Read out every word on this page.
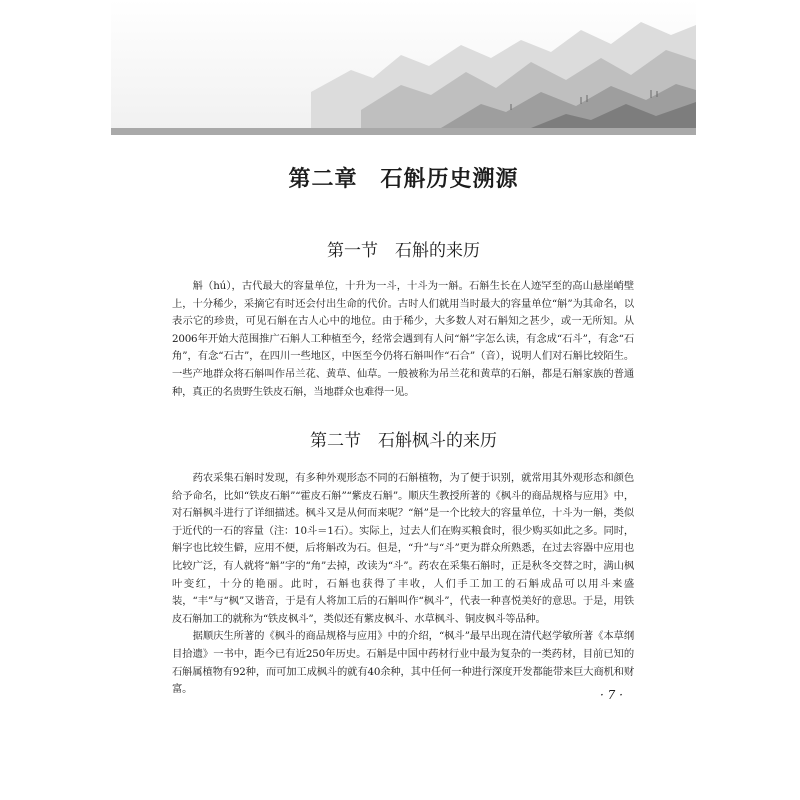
第二章　石斛历史溯源
第一节　石斛的来历

斛（hú），古代最大的容量单位，十升为一斗，十斗为一斛。石斛生长在人迹罕至的高山悬崖峭壁上，十分稀少，采摘它有时还会付出生命的代价。古时人们就用当时最大的容量单位“斛”为其命名，以表示它的珍贵，可见石斛在古人心中的地位。由于稀少，大多数人对石斛知之甚少，或一无所知。从2006年开始大范围推广石斛人工种植至今，经常会遇到有人问“斛”字怎么读，有念成“石斗”，有念“石角”，有念“石古”，在四川一些地区，中医至今仍将石斛叫作“石合”（音），说明人们对石斛比较陌生。一些产地群众将石斛叫作吊兰花、黄草、仙草。一般被称为吊兰花和黄草的石斛，都是石斛家族的普通种，真正的名贵野生铁皮石斛，当地群众也难得一见。

第二节　石斛枫斗的来历

药农采集石斛时发现，有多种外观形态不同的石斛植物，为了便于识别，就常用其外观形态和颜色给予命名，比如“铁皮石斛”“霍皮石斛”“紫皮石斛”。顺庆生教授所著的《枫斗的商品规格与应用》中，对石斛枫斗进行了详细描述。枫斗又是从何而来呢？“斛”是一个比较大的容量单位，十斗为一斛，类似于近代的一石的容量（注：10斗＝1石）。实际上，过去人们在购买粮食时，很少购买如此之多。同时，斛字也比较生僻，应用不便，后将斛改为石。但是，“升”与“斗”更为群众所熟悉，在过去容器中应用也比较广泛，有人就将“斛”字的“角”去掉，改读为“斗”。药农在采集石斛时，正是秋冬交替之时，满山枫叶变红，十分的艳丽。此时，石斛也获得了丰收，人们手工加工的石斛成品可以用斗来盛装，“丰”与“枫”又谐音，于是有人将加工后的石斛叫作“枫斗”，代表一种喜悦美好的意思。于是，用铁皮石斛加工的就称为“铁皮枫斗”，类似还有紫皮枫斗、水草枫斗、铜皮枫斗等品种。

据顺庆生所著的《枫斗的商品规格与应用》中的介绍，“枫斗”最早出现在清代赵学敏所著《本草纲目拾遗》一书中，距今已有近250年历史。石斛是中国中药材行业中最为复杂的一类药材，目前已知的石斛属植物有92种，而可加工成枫斗的就有40余种，其中任何一种进行深度开发都能带来巨大商机和财富。	· 7 ·
